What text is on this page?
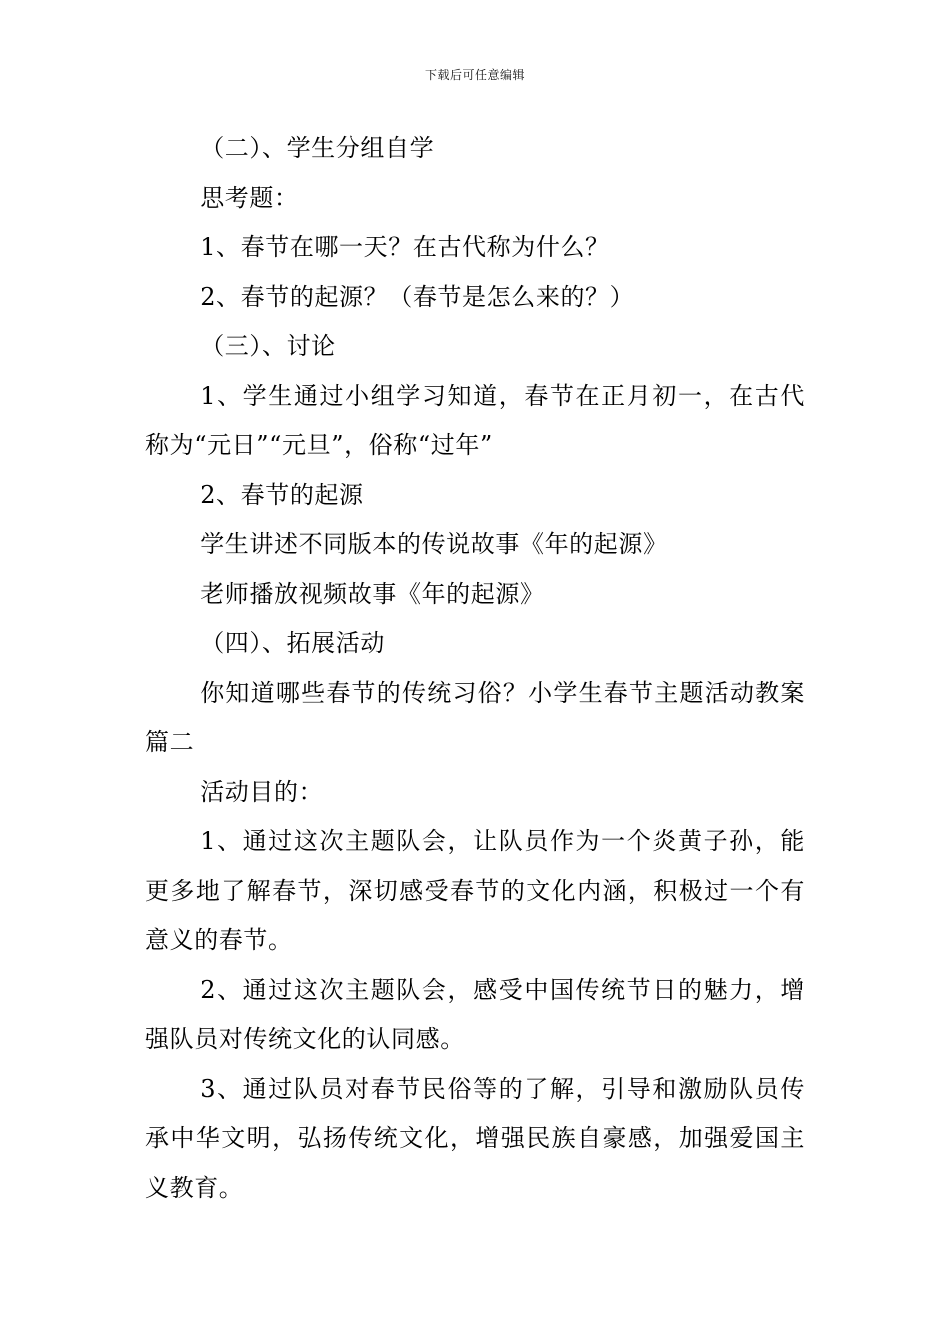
下载后可任意编辑

（二）、学生分组自学

思考题：

1、春节在哪一天？在古代称为什么？

2、春节的起源？（春节是怎么来的？）

（三）、讨论

1、学生通过小组学习知道，春节在正月初一，在古代称为“元日”“元旦”，俗称“过年”

2、春节的起源

学生讲述不同版本的传说故事《年的起源》

老师播放视频故事《年的起源》

（四）、拓展活动

你知道哪些春节的传统习俗？小学生春节主题活动教案篇二

活动目的：

1、通过这次主题队会，让队员作为一个炎黄子孙，能更多地了解春节，深切感受春节的文化内涵，积极过一个有意义的春节。

2、通过这次主题队会，感受中国传统节日的魅力，增强队员对传统文化的认同感。

3、通过队员对春节民俗等的了解，引导和激励队员传承中华文明，弘扬传统文化，增强民族自豪感，加强爱国主义教育。
